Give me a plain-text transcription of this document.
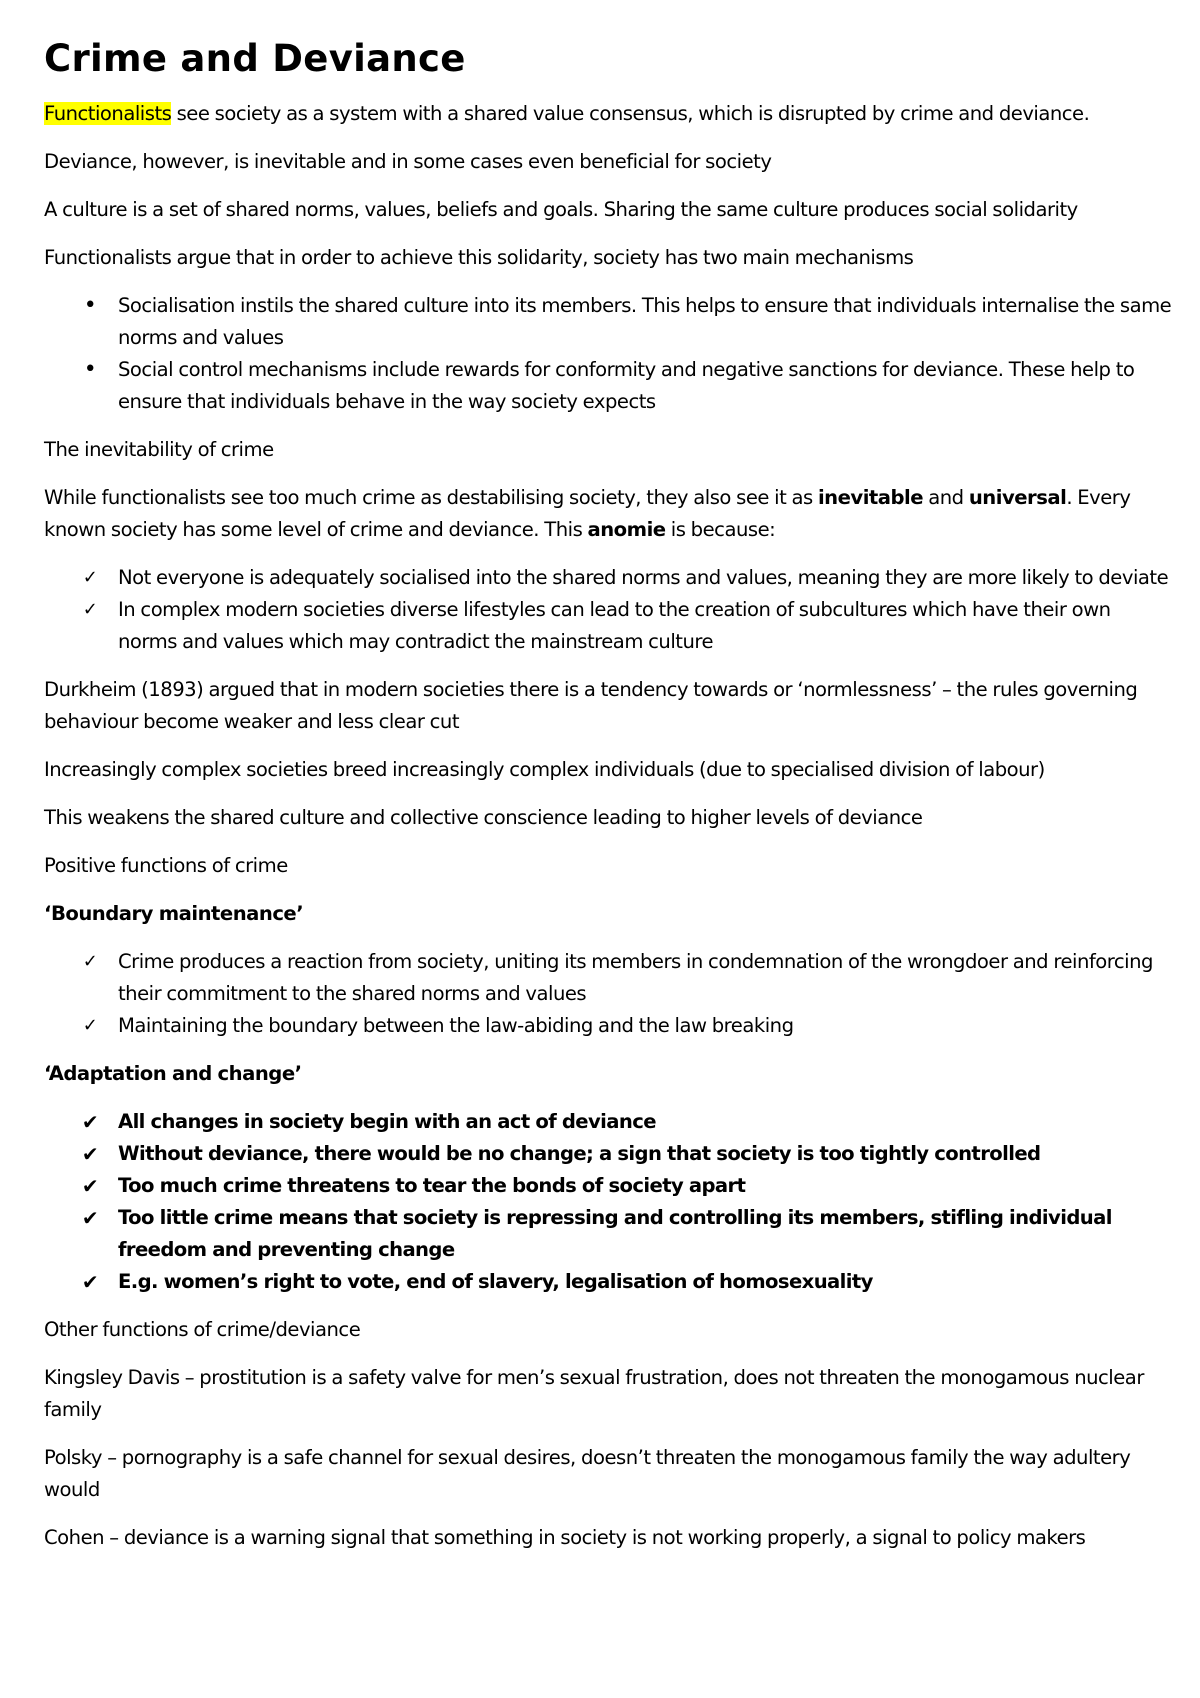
Crime and Deviance

Functionalists see society as a system with a shared value consensus, which is disrupted by crime and deviance.

Deviance, however, is inevitable and in some cases even beneficial for society

A culture is a set of shared norms, values, beliefs and goals. Sharing the same culture produces social solidarity

Functionalists argue that in order to achieve this solidarity, society has two main mechanisms

• Socialisation instils the shared culture into its members. This helps to ensure that individuals internalise the same norms and values
• Social control mechanisms include rewards for conformity and negative sanctions for deviance. These help to ensure that individuals behave in the way society expects

The inevitability of crime

While functionalists see too much crime as destabilising society, they also see it as inevitable and universal. Every known society has some level of crime and deviance. This anomie is because:

✓ Not everyone is adequately socialised into the shared norms and values, meaning they are more likely to deviate
✓ In complex modern societies diverse lifestyles can lead to the creation of subcultures which have their own norms and values which may contradict the mainstream culture

Durkheim (1893) argued that in modern societies there is a tendency towards or ‘normlessness’ – the rules governing behaviour become weaker and less clear cut

Increasingly complex societies breed increasingly complex individuals (due to specialised division of labour)

This weakens the shared culture and collective conscience leading to higher levels of deviance

Positive functions of crime

‘Boundary maintenance’

✓ Crime produces a reaction from society, uniting its members in condemnation of the wrongdoer and reinforcing their commitment to the shared norms and values
✓ Maintaining the boundary between the law-abiding and the law breaking

‘Adaptation and change’

✔ All changes in society begin with an act of deviance
✔ Without deviance, there would be no change; a sign that society is too tightly controlled
✔ Too much crime threatens to tear the bonds of society apart
✔ Too little crime means that society is repressing and controlling its members, stifling individual freedom and preventing change
✔ E.g. women’s right to vote, end of slavery, legalisation of homosexuality

Other functions of crime/deviance

Kingsley Davis – prostitution is a safety valve for men’s sexual frustration, does not threaten the monogamous nuclear family

Polsky – pornography is a safe channel for sexual desires, doesn’t threaten the monogamous family the way adultery would

Cohen – deviance is a warning signal that something in society is not working properly, a signal to policy makers
